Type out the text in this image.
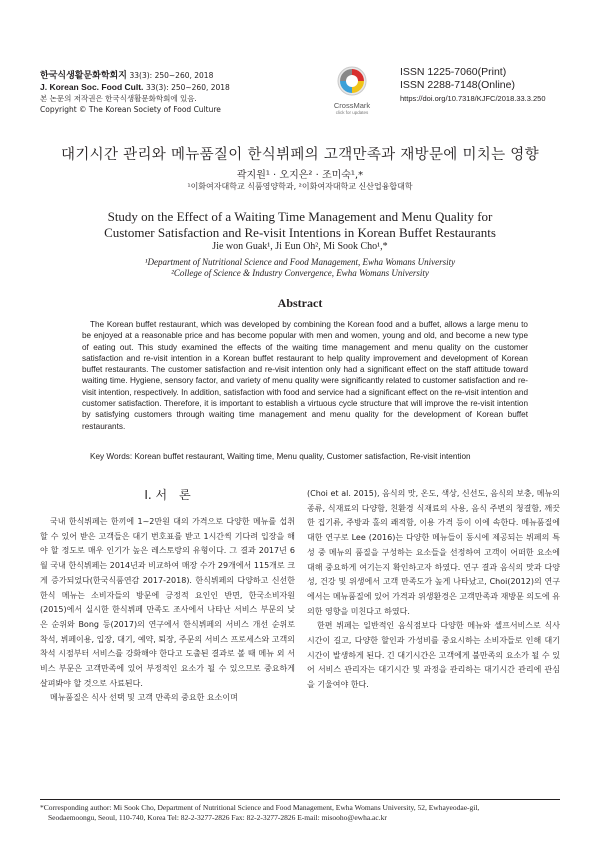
한국식생활문화학회지 33(3): 250~260, 2018
J. Korean Soc. Food Cult. 33(3): 250~260, 2018
본 논문의 저작권은 한국식생활문화학회에 있음.
Copyright © The Korean Society of Food Culture	CrossMark
click for updates
ISSN 1225-7060(Print)
ISSN 2288-7148(Online)
https://doi.org/10.7318/KJFC/2018.33.3.250
대기시간 관리와 메뉴품질이 한식뷔페의 고객만족과 재방문에 미치는 영향
곽지원¹ · 오지은² · 조미숙¹,*
¹이화여자대학교 식품영양학과, ²이화여자대학교 신산업융합대학
Study on the Effect of a Waiting Time Management and Menu Quality for
Customer Satisfaction and Re-visit Intentions in Korean Buffet Restaurants
Jie won Guak¹, Ji Eun Oh², Mi Sook Cho¹,*
¹Department of Nutritional Science and Food Management, Ewha Womans University
²College of Science & Industry Convergence, Ewha Womans University
Abstract
The Korean buffet restaurant, which was developed by combining the Korean food and a buffet, allows a large menu to be enjoyed at a reasonable price and has become popular with men and women, young and old, and become a new type of eating out. This study examined the effects of the waiting time management and menu quality on the customer satisfaction and re-visit intention in a Korean buffet restaurant to help quality improvement and development of Korean buffet restaurants. The customer satisfaction and re-visit intention only had a significant effect on the staff attitude toward waiting time. Hygiene, sensory factor, and variety of menu quality were significantly related to customer satisfaction and re-visit intention, respectively. In addition, satisfaction with food and service had a significant effect on the re-visit intention and customer satisfaction. Therefore, it is important to establish a virtuous cycle structure that will improve the re-visit intention by satisfying customers through waiting time management and menu quality for the development of Korean buffet restaurants.
Key Words: Korean buffet restaurant, Waiting time, Menu quality, Customer satisfaction, Re-visit intention
Ⅰ. 서　론

국내 한식뷔페는 한끼에 1~2만원 대의 가격으로 다양한 메뉴를 섭취할 수 있어 받은 고객들은 대기 번호표를 받고 1시간씩 기다려 입장을 해야 할 정도로 매우 인기가 높은 레스토랑의 유형이다. 그 결과 2017년 6월 국내 한식뷔페는 2014년과 비교하여 매장 수가 29개에서 115개로 크게 증가되었다(한국식품연감 2017-2018). 한식뷔페의 다양하고 신선한 한식 메뉴는 소비자들의 방문에 긍정적 요인인 반면, 한국소비자원(2015)에서 실시한 한식뷔페 만족도 조사에서 나타난 서비스 부문의 낮은 순위와 Bong 등(2017)의 연구에서 한식뷔페의 서비스 개선 순위로 착석, 뷔페이용, 입장, 대기, 예약, 퇴장, 주문의 서비스 프로세스와 고객의 착석 시점부터 서비스를 강화해야 한다고 도출된 결과로 볼 때 메뉴 외 서비스 부문은 고객만족에 있어 부정적인 요소가 될 수 있으므로 중요하게 살펴봐야 할 것으로 사료된다.

메뉴품질은 식사 선택 및 고객 만족의 중요한 요소이며

(Choi et al. 2015), 음식의 맛, 온도, 색상, 신선도, 음식의 보충, 메뉴의 종류, 식재료의 다양함, 친환경 식재료의 사용, 음식 주변의 청결함, 깨끗한 집기류, 주방과 홀의 쾌적함, 이용 가격 등이 이에 속한다. 메뉴품질에 대한 연구로 Lee (2016)는 다양한 메뉴들이 동시에 제공되는 뷔페의 특성 중 메뉴의 품질을 구성하는 요소들을 선정하여 고객이 어떠한 요소에 대해 중요하게 여기는지 확인하고자 하였다. 연구 결과 음식의 맛과 다양성, 건강 및 위생에서 고객 만족도가 높게 나타났고, Choi(2012)의 연구에서는 메뉴품질에 있어 가격과 위생환경은 고객만족과 재방문 의도에 유의한 영향을 미친다고 하였다.

한편 뷔페는 일반적인 음식점보다 다양한 메뉴와 셀프서비스로 식사 시간이 길고, 다양한 할인과 가성비를 중요시하는 소비자들로 인해 대기시간이 발생하게 된다. 긴 대기시간은 고객에게 불만족의 요소가 될 수 있어 서비스 관리자는 대기시간 및 과정을 관리하는 대기시간 관리에 관심을 기울여야 한다.

*Corresponding author: Mi Sook Cho, Department of Nutritional Science and Food Management, Ewha Womans University, 52, Ewhayeodae-gil,
Seodaemoongu, Seoul, 110-740, Korea Tel: 82-2-3277-2826 Fax: 82-2-3277-2826 E-mail: misooho@ewha.ac.kr
